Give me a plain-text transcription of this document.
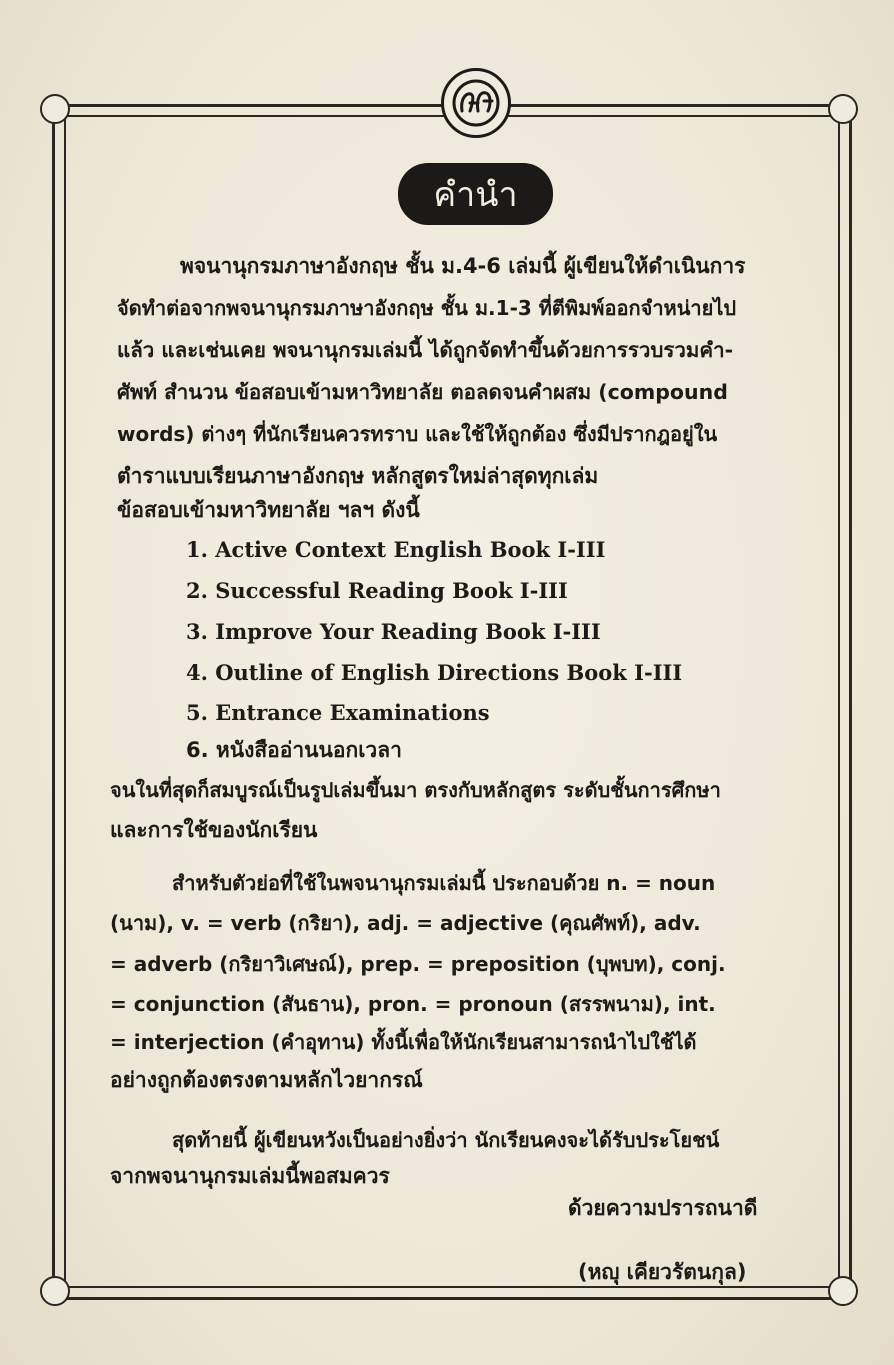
คำนำ
พจนานุกรมภาษาอังกฤษ ชั้น ม.4-6 เล่มนี้ ผู้เขียนให้ดำเนินการ
จัดทำต่อจากพจนานุกรมภาษาอังกฤษ ชั้น ม.1-3 ที่ตีพิมพ์ออกจำหน่ายไป
แล้ว และเช่นเคย พจนานุกรมเล่มนี้ ได้ถูกจัดทำขึ้นด้วยการรวบรวมคำ-
ศัพท์ สำนวน ข้อสอบเข้ามหาวิทยาลัย ตอลดจนคำผสม (compound
words) ต่างๆ ที่นักเรียนควรทราบ และใช้ให้ถูกต้อง ซึ่งมีปรากฎอยู่ใน
ตำราแบบเรียนภาษาอังกฤษ หลักสูตรใหม่ล่าสุดทุกเล่ม
ข้อสอบเข้ามหาวิทยาลัย ฯลฯ ดังนี้
1. Active Context English Book I-III
2. Successful Reading Book I-III
3. Improve Your Reading Book I-III
4. Outline of English Directions Book I-III
5. Entrance Examinations
6. หนังสืออ่านนอกเวลา
จนในที่สุดก็สมบูรณ์เป็นรูปเล่มขึ้นมา ตรงกับหลักสูตร ระดับชั้นการศึกษา
และการใช้ของนักเรียน
สำหรับตัวย่อที่ใช้ในพจนานุกรมเล่มนี้ ประกอบด้วย n. = noun
(นาม), v. = verb (กริยา), adj. = adjective (คุณศัพท์), adv.
= adverb (กริยาวิเศษณ์), prep. = preposition (บุพบท), conj.
= conjunction (สันธาน), pron. = pronoun (สรรพนาม), int.
= interjection (คำอุทาน) ทั้งนี้เพื่อให้นักเรียนสามารถนำไปใช้ได้
อย่างถูกต้องตรงตามหลักไวยากรณ์
สุดท้ายนี้ ผู้เขียนหวังเป็นอย่างยิ่งว่า นักเรียนคงจะได้รับประโยชน์
จากพจนานุกรมเล่มนี้พอสมควร
ด้วยความปรารถนาดี
(หญุ เคียวรัตนกุล)
